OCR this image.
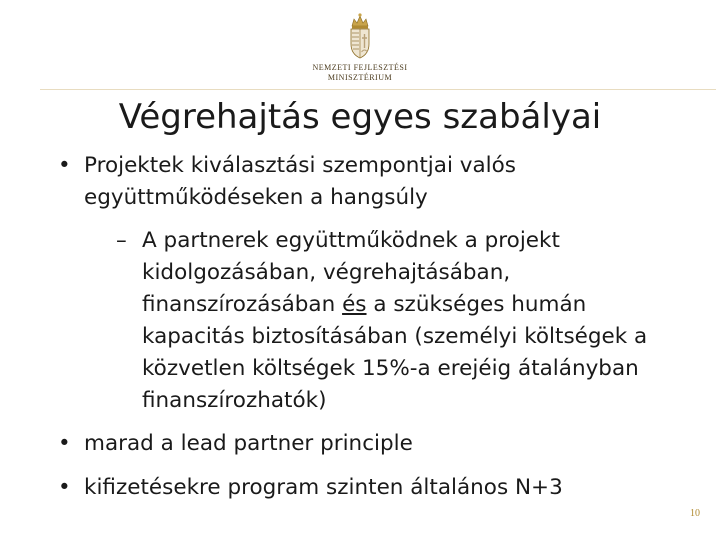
NEMZETI FEJLESZTÉSI
MINISZTÉRIUM
Végrehajtás egyes szabályai
• Projektek kiválasztási szempontjai valós
együttműködéseken a hangsúly
– A partnerek együttműködnek a projekt
kidolgozásában, végrehajtásában,
finanszírozásában és a szükséges humán
kapacitás biztosításában (személyi költségek a
közvetlen költségek 15%-a erejéig átalányban
finanszírozhatók)
• marad a lead partner principle
• kifizetésekre program szinten általános N+3
10
